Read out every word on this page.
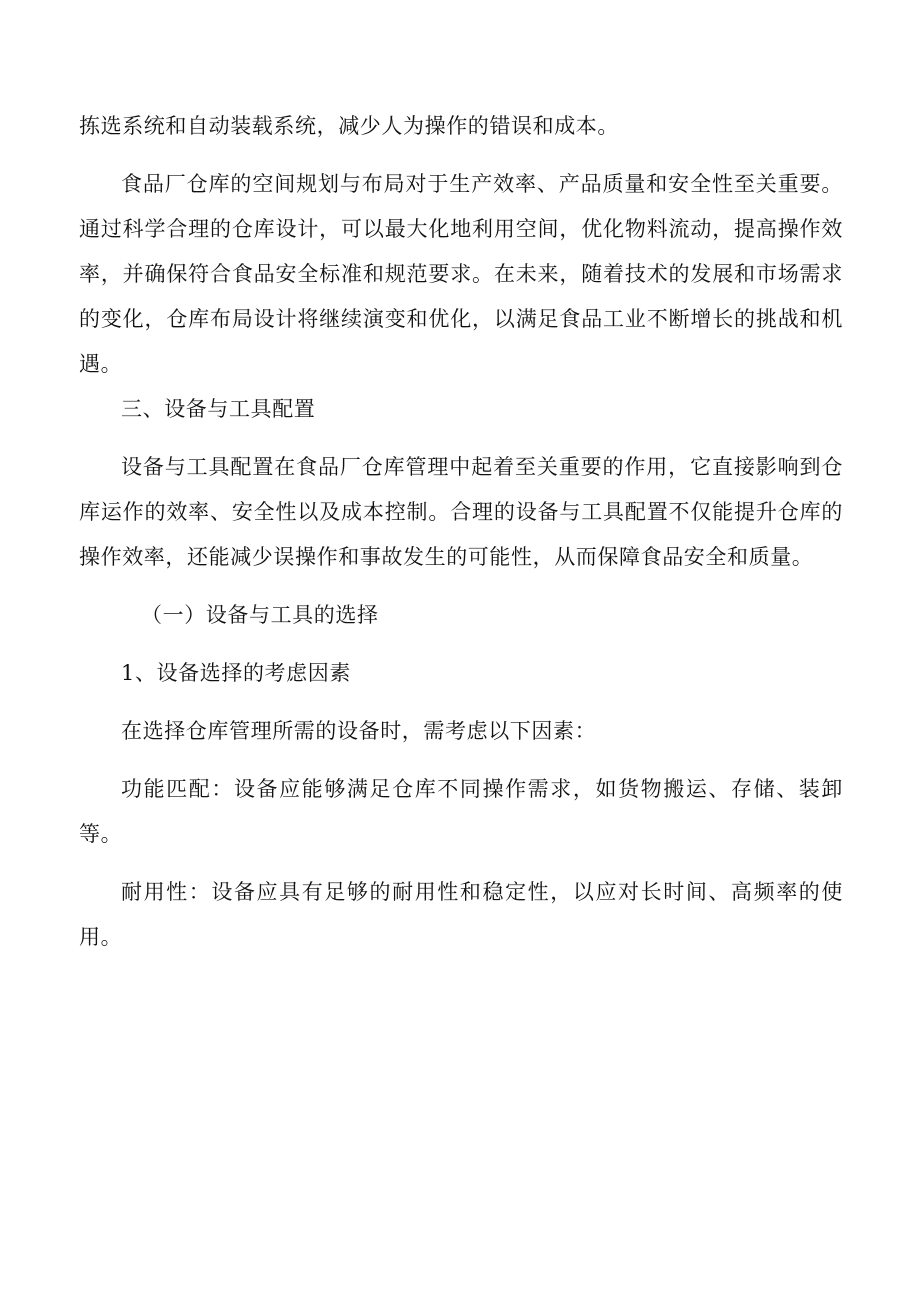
拣选系统和自动装载系统，减少人为操作的错误和成本。

食品厂仓库的空间规划与布局对于生产效率、产品质量和安全性至关重要。通过科学合理的仓库设计，可以最大化地利用空间，优化物料流动，提高操作效率，并确保符合食品安全标准和规范要求。在未来，随着技术的发展和市场需求的变化，仓库布局设计将继续演变和优化，以满足食品工业不断增长的挑战和机遇。

三、设备与工具配置

设备与工具配置在食品厂仓库管理中起着至关重要的作用，它直接影响到仓库运作的效率、安全性以及成本控制。合理的设备与工具配置不仅能提升仓库的操作效率，还能减少误操作和事故发生的可能性，从而保障食品安全和质量。

（一）设备与工具的选择

1、设备选择的考虑因素

在选择仓库管理所需的设备时，需考虑以下因素：

功能匹配：设备应能够满足仓库不同操作需求，如货物搬运、存储、装卸等。

耐用性：设备应具有足够的耐用性和稳定性，以应对长时间、高频率的使用。
